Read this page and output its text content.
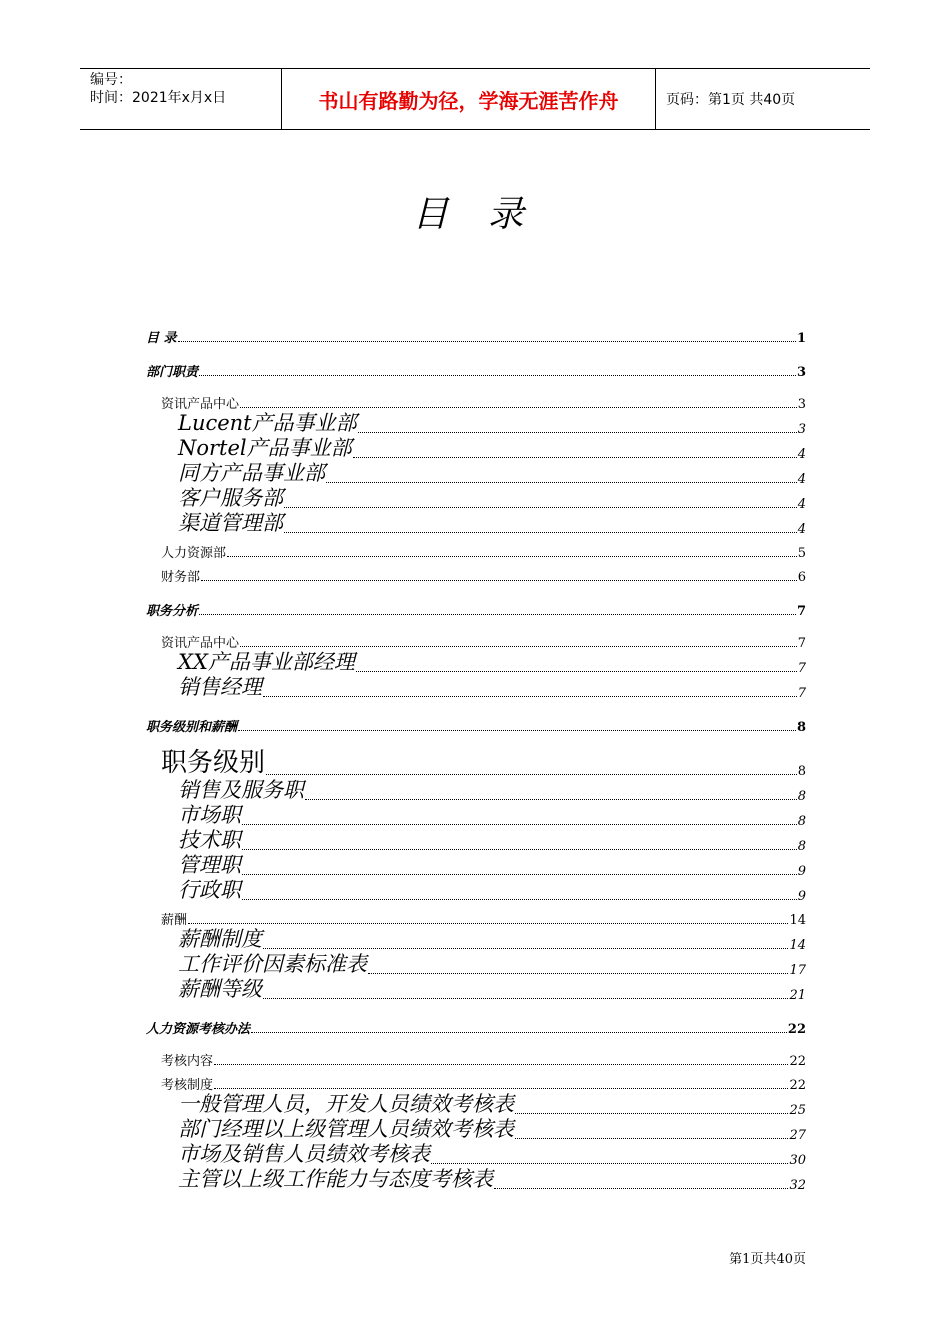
编号：
时间：2021年x月x日	书山有路勤为径，学海无涯苦作舟	页码：第1页 共40页
目 录
目 录	1
部门职责	3
资讯产品中心	3
Lucent产品事业部	3
Nortel产品事业部	4
同方产品事业部	4
客户服务部	4
渠道管理部	4
人力资源部	5
财务部	6
职务分析	7
资讯产品中心	7
XX产品事业部经理	7
销售经理	7
职务级别和薪酬	8
职务级别	8
销售及服务职	8
市场职	8
技术职	8
管理职	9
行政职	9
薪酬	14
薪酬制度	14
工作评价因素标准表	17
薪酬等级	21
人力资源考核办法	22
考核内容	22
考核制度	22
一般管理人员，开发人员绩效考核表	25
部门经理以上级管理人员绩效考核表	27
市场及销售人员绩效考核表	30
主管以上级工作能力与态度考核表	32
第1页共40页
